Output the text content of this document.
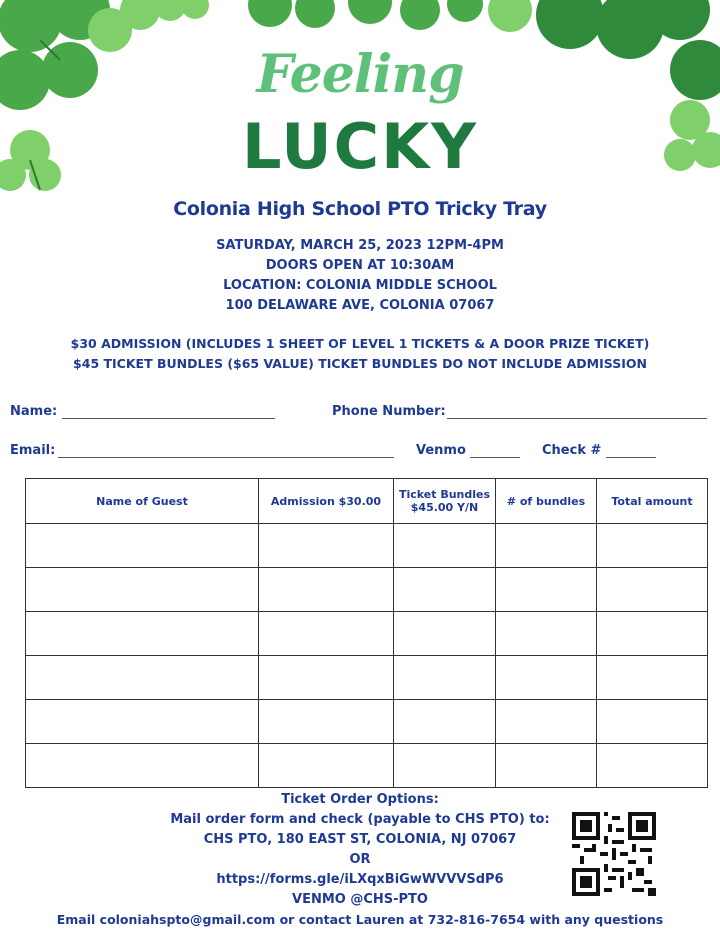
Feeling
LUCKY
Colonia High School PTO Tricky Tray
SATURDAY, MARCH 25, 2023 12PM-4PM
DOORS OPEN AT 10:30AM
LOCATION: COLONIA MIDDLE SCHOOL
100 DELAWARE AVE, COLONIA 07067
$30 ADMISSION (INCLUDES 1 SHEET OF LEVEL 1 TICKETS & A DOOR PRIZE TICKET)
$45 TICKET BUNDLES ($65 VALUE) TICKET BUNDLES DO NOT INCLUDE ADMISSION
Name:	Phone Number:
Email:	Venmo	Check #
Name of Guest	Admission $30.00	Ticket Bundles $45.00 Y/N	# of bundles	Total amount

Ticket Order Options:
Mail order form and check (payable to CHS PTO) to:
CHS PTO, 180 EAST ST, COLONIA, NJ 07067
OR
https://forms.gle/iLXqxBiGwWVVVSdP6
VENMO @CHS-PTO
Email coloniahspto@gmail.com or contact Lauren at 732-816-7654 with any questions
